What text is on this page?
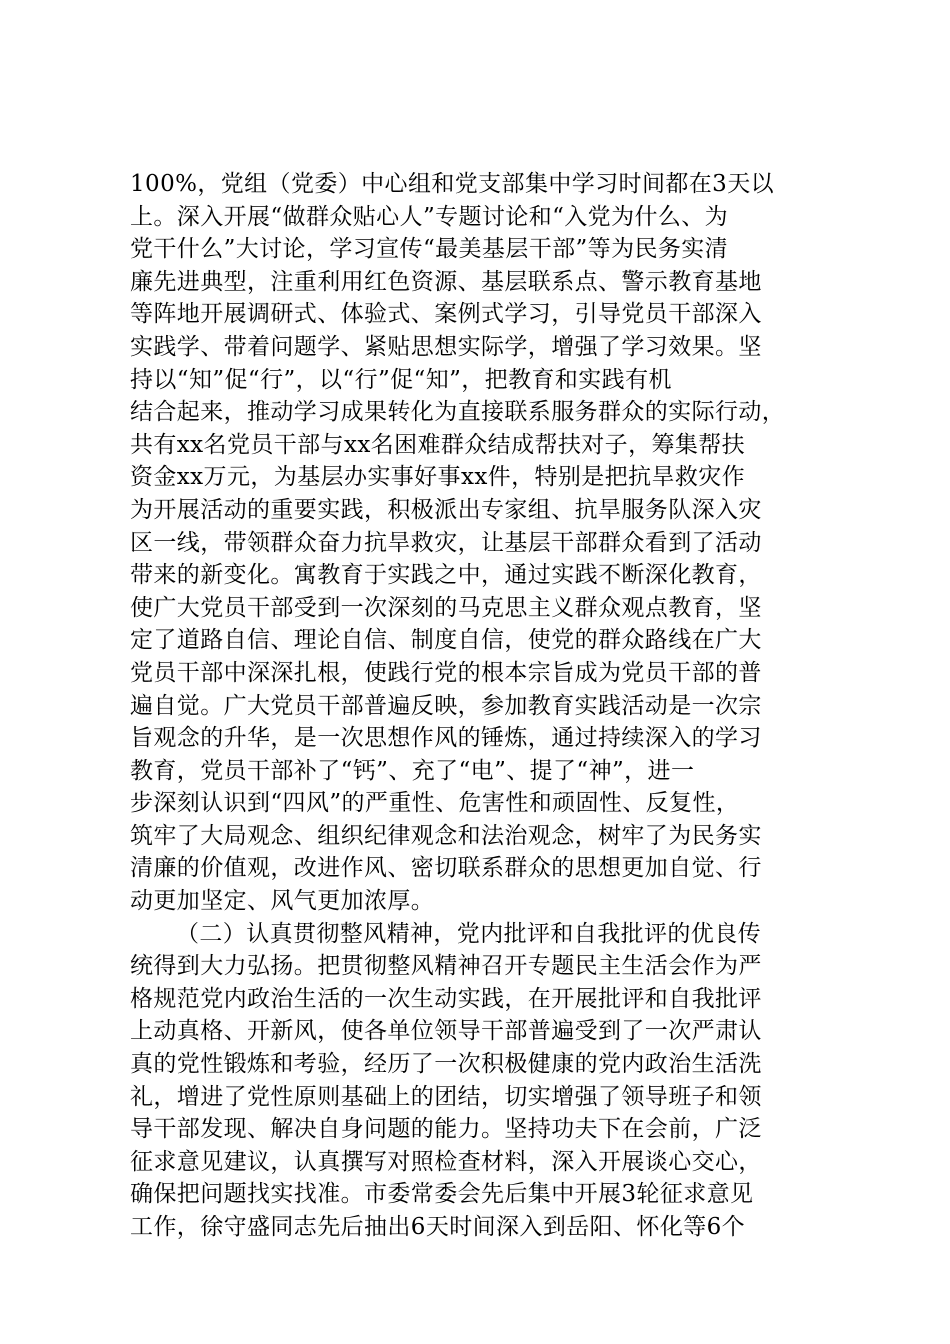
100%，党组（党委）中心组和党支部集中学习时间都在3天以
上。深入开展“做群众贴心人”专题讨论和“入党为什么、为
党干什么”大讨论，学习宣传“最美基层干部”等为民务实清
廉先进典型，注重利用红色资源、基层联系点、警示教育基地
等阵地开展调研式、体验式、案例式学习，引导党员干部深入
实践学、带着问题学、紧贴思想实际学，增强了学习效果。坚
持以“知”促“行”，以“行”促“知”，把教育和实践有机
结合起来，推动学习成果转化为直接联系服务群众的实际行动，
共有xx名党员干部与xx名困难群众结成帮扶对子，筹集帮扶
资金xx万元，为基层办实事好事xx件，特别是把抗旱救灾作
为开展活动的重要实践，积极派出专家组、抗旱服务队深入灾
区一线，带领群众奋力抗旱救灾，让基层干部群众看到了活动
带来的新变化。寓教育于实践之中，通过实践不断深化教育，
使广大党员干部受到一次深刻的马克思主义群众观点教育，坚
定了道路自信、理论自信、制度自信，使党的群众路线在广大
党员干部中深深扎根，使践行党的根本宗旨成为党员干部的普
遍自觉。广大党员干部普遍反映，参加教育实践活动是一次宗
旨观念的升华，是一次思想作风的锤炼，通过持续深入的学习
教育，党员干部补了“钙”、充了“电”、提了“神”，进一
步深刻认识到“四风”的严重性、危害性和顽固性、反复性，
筑牢了大局观念、组织纪律观念和法治观念，树牢了为民务实
清廉的价值观，改进作风、密切联系群众的思想更加自觉、行
动更加坚定、风气更加浓厚。
（二）认真贯彻整风精神，党内批评和自我批评的优良传
统得到大力弘扬。把贯彻整风精神召开专题民主生活会作为严
格规范党内政治生活的一次生动实践，在开展批评和自我批评
上动真格、开新风，使各单位领导干部普遍受到了一次严肃认
真的党性锻炼和考验，经历了一次积极健康的党内政治生活洗
礼，增进了党性原则基础上的团结，切实增强了领导班子和领
导干部发现、解决自身问题的能力。坚持功夫下在会前，广泛
征求意见建议，认真撰写对照检查材料，深入开展谈心交心，
确保把问题找实找准。市委常委会先后集中开展3轮征求意见
工作，徐守盛同志先后抽出6天时间深入到岳阳、怀化等6个
